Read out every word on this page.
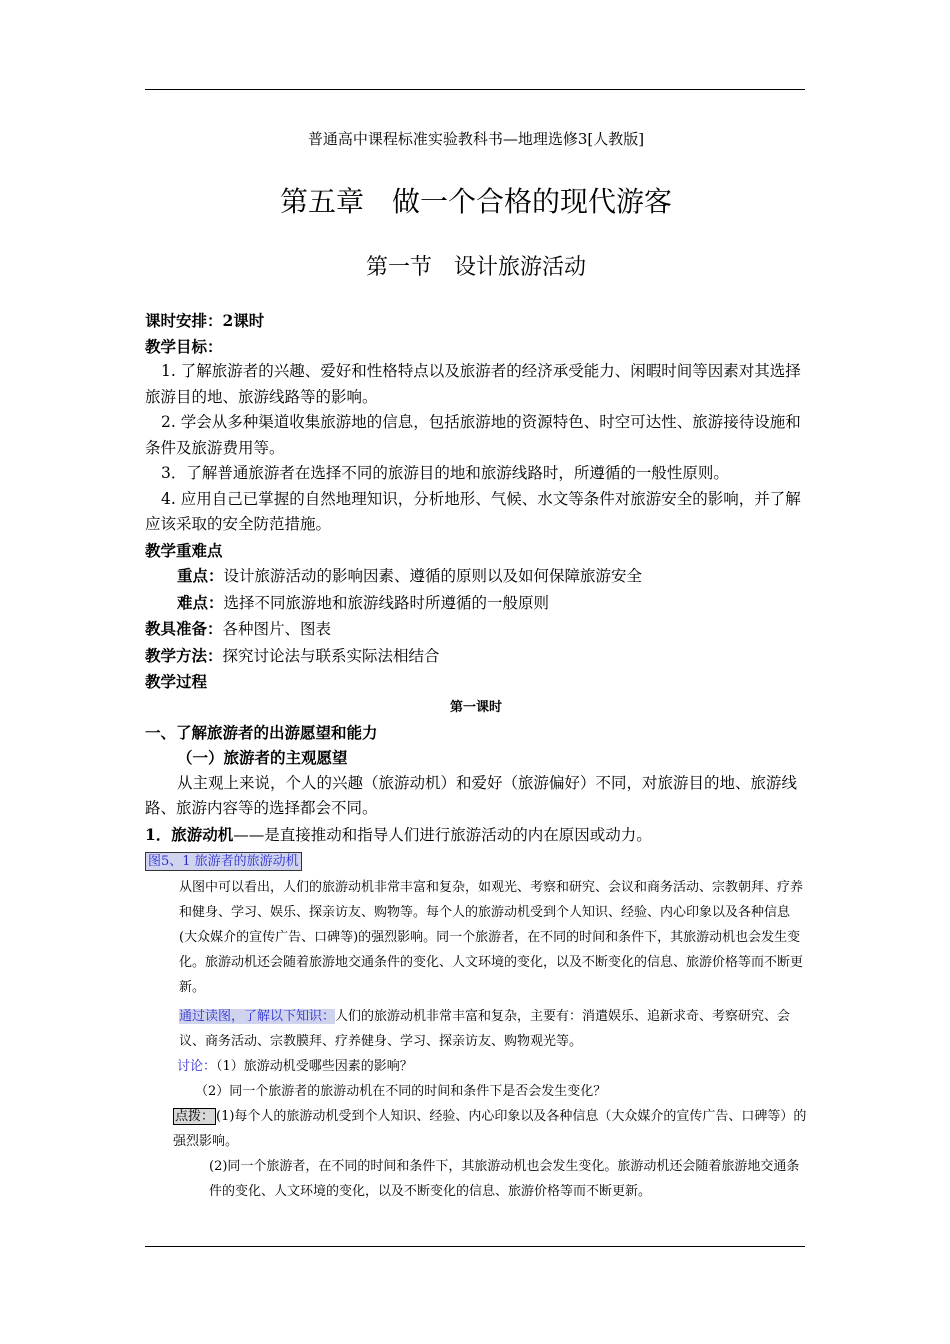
普通高中课程标准实验教科书—地理选修3[人教版]
第五章　做一个合格的现代游客
第一节　设计旅游活动

课时安排：2课时

教学目标：

1. 了解旅游者的兴趣、爱好和性格特点以及旅游者的经济承受能力、闲暇时间等因素对其选择旅游目的地、旅游线路等的影响。

2. 学会从多种渠道收集旅游地的信息，包括旅游地的资源特色、时空可达性、旅游接待设施和条件及旅游费用等。

3．了解普通旅游者在选择不同的旅游目的地和旅游线路时，所遵循的一般性原则。

4. 应用自己已掌握的自然地理知识，分析地形、气候、水文等条件对旅游安全的影响，并了解应该采取的安全防范措施。

教学重难点

重点：设计旅游活动的影响因素、遵循的原则以及如何保障旅游安全

难点：选择不同旅游地和旅游线路时所遵循的一般原则

教具准备：各种图片、图表

教学方法：探究讨论法与联系实际法相结合

教学过程

第一课时

一、了解旅游者的出游愿望和能力

（一）旅游者的主观愿望

从主观上来说，个人的兴趣（旅游动机）和爱好（旅游偏好）不同，对旅游目的地、旅游线路、旅游内容等的选择都会不同。

1．旅游动机——是直接推动和指导人们进行旅游活动的内在原因或动力。

图5、1 旅游者的旅游动机

从图中可以看出，人们的旅游动机非常丰富和复杂，如观光、考察和研究、会议和商务活动、宗教朝拜、疗养和健身、学习、娱乐、探亲访友、购物等。每个人的旅游动机受到个人知识、经验、内心印象以及各种信息(大众媒介的宣传广告、口碑等)的强烈影响。同一个旅游者，在不同的时间和条件下，其旅游动机也会发生变化。旅游动机还会随着旅游地交通条件的变化、人文环境的变化，以及不断变化的信息、旅游价格等而不断更新。

通过读图，了解以下知识：人们的旅游动机非常丰富和复杂，主要有：消遣娱乐、追新求奇、考察研究、会议、商务活动、宗教膜拜、疗养健身、学习、探亲访友、购物观光等。

讨论：（1）旅游动机受哪些因素的影响？

（2）同一个旅游者的旅游动机在不同的时间和条件下是否会发生变化？

点拨： (1)每个人的旅游动机受到个人知识、经验、内心印象以及各种信息（大众媒介的宣传广告、口碑等）的强烈影响。

(2)同一个旅游者，在不同的时间和条件下，其旅游动机也会发生变化。旅游动机还会随着旅游地交通条件的变化、人文环境的变化，以及不断变化的信息、旅游价格等而不断更新。
